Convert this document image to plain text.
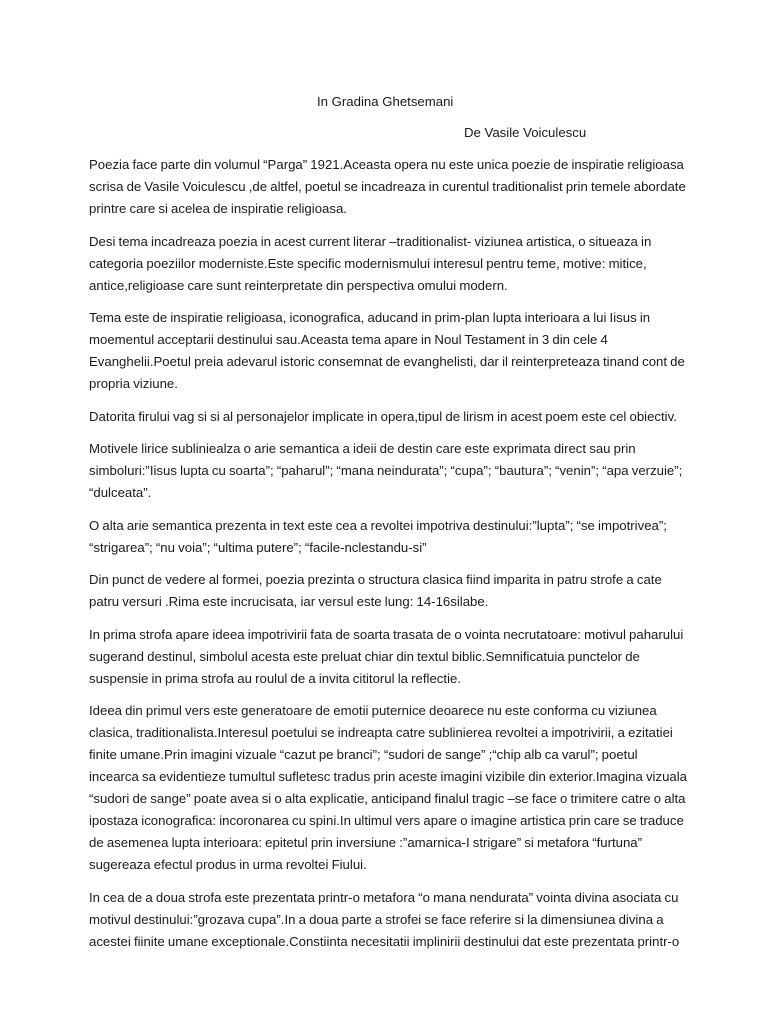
In Gradina Ghetsemani
De Vasile Voiculescu

Poezia face parte din volumul “Parga” 1921.Aceasta opera nu este unica poezie de inspiratie religioasa scrisa de Vasile Voiculescu ,de altfel, poetul se incadreaza in curentul traditionalist prin temele abordate printre care si acelea de inspiratie religioasa.

Desi tema incadreaza poezia in acest current literar –traditionalist- viziunea artistica, o situeaza in categoria poeziilor moderniste.Este specific modernismului interesul pentru teme, motive: mitice, antice,religioase care sunt reinterpretate din perspectiva omului modern.

Tema este de inspiratie religioasa, iconografica, aducand in prim-plan lupta interioara a lui Iisus in moementul acceptarii destinului sau.Aceasta tema apare in Noul Testament in 3 din cele 4 Evanghelii.Poetul preia adevarul istoric consemnat de evanghelisti, dar il reinterpreteaza tinand cont de propria viziune.

Datorita firului vag si si al personajelor implicate in opera,tipul de lirism in acest poem este cel obiectiv.

Motivele lirice subliniealza o arie semantica a ideii de destin care este exprimata direct sau prin simboluri:”Iisus lupta cu soarta”; “paharul”; “mana neindurata”; “cupa”; “bautura”; “venin”; “apa verzuie”; “dulceata”.

O alta arie semantica prezenta in text este cea a revoltei impotriva destinului:”lupta”; “se impotrivea”; “strigarea”; “nu voia”; “ultima putere”; “facile-nclestandu-si”

Din punct de vedere al formei, poezia prezinta o structura clasica fiind imparita in patru strofe a cate patru versuri .Rima este incrucisata, iar versul este lung: 14-16silabe.

In prima strofa apare ideea impotrivirii fata de soarta trasata de o vointa necrutatoare: motivul paharului sugerand destinul, simbolul acesta este preluat chiar din textul biblic.Semnificatuia punctelor de suspensie in prima strofa au roulul de a invita cititorul la reflectie.

Ideea din primul vers este generatoare de emotii puternice deoarece nu este conforma cu viziunea clasica, traditionalista.Interesul poetului se indreapta catre sublinierea revoltei a impotrivirii, a ezitatiei finite umane.Prin imagini vizuale “cazut pe branci”; “sudori de sange” ;“chip alb ca varul”; poetul incearca sa evidentieze tumultul sufletesc tradus prin aceste imagini vizibile din exterior.Imagina vizuala “sudori de sange” poate avea si o alta explicatie, anticipand finalul tragic –se face o trimitere catre o alta ipostaza iconografica: incoronarea cu spini.In ultimul vers apare o imagine artistica prin care se traduce de asemenea lupta interioara: epitetul prin inversiune :”amarnica-I strigare” si metafora “furtuna” sugereaza efectul produs in urma revoltei Fiului.

In cea de a doua strofa este prezentata printr-o metafora “o mana nendurata” vointa divina asociata cu motivul destinului:”grozava cupa”.In a doua parte a strofei se face referire si la dimensiunea divina a acestei fiinite umane exceptionale.Constiinta necesitatii implinirii destinului dat este prezentata printr-o
